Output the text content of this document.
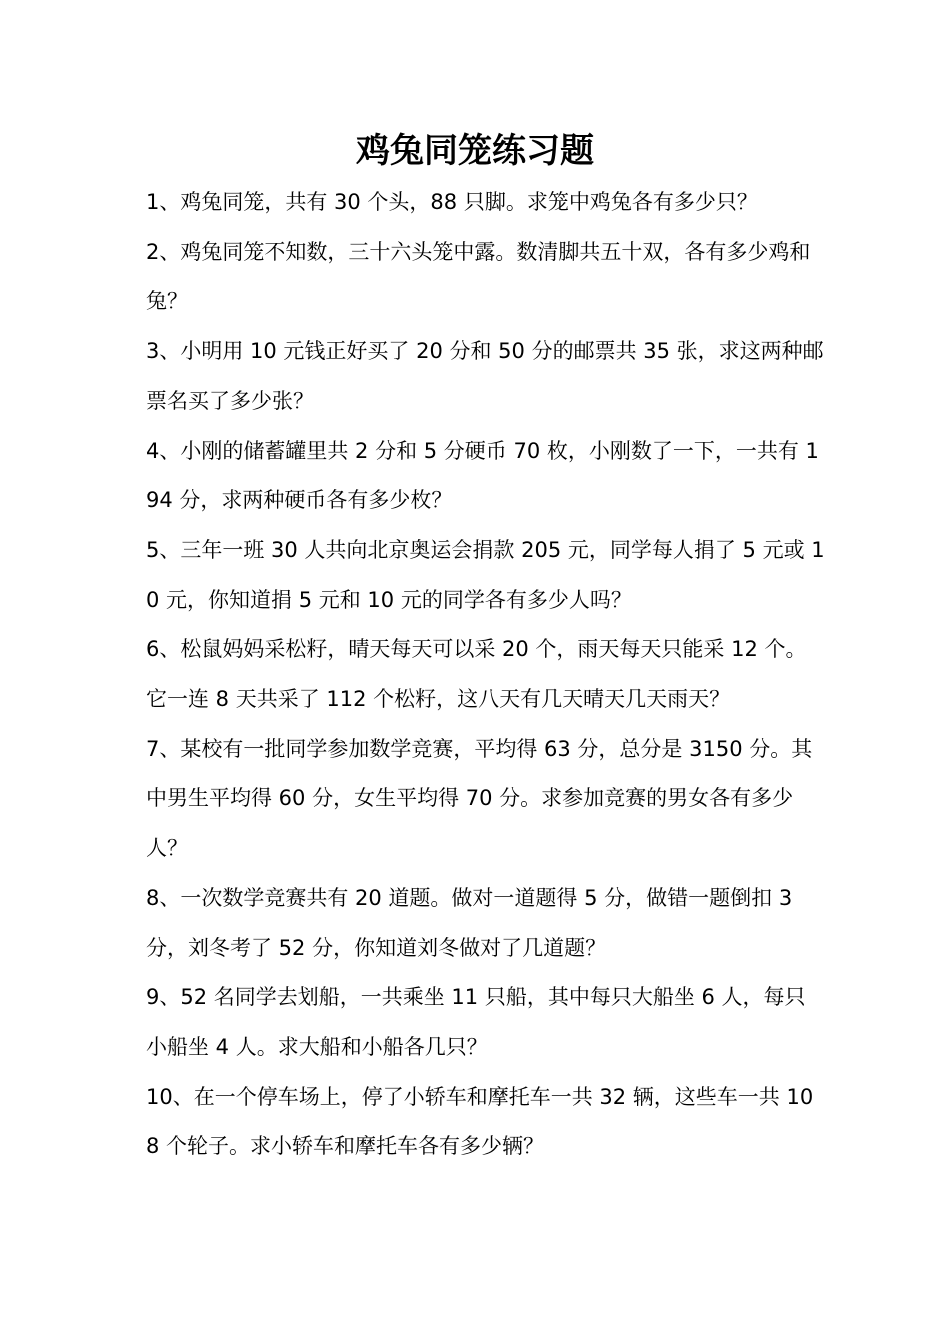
鸡兔同笼练习题

1、鸡兔同笼，共有 30 个头，88 只脚。求笼中鸡兔各有多少只？

2、鸡兔同笼不知数，三十六头笼中露。数清脚共五十双，各有多少鸡和兔？

3、小明用 10 元钱正好买了 20 分和 50 分的邮票共 35 张，求这两种邮票名买了多少张？

4、小刚的储蓄罐里共 2 分和 5 分硬币 70 枚，小刚数了一下，一共有 194 分，求两种硬币各有多少枚？

5、三年一班 30 人共向北京奥运会捐款 205 元，同学每人捐了 5 元或 10 元，你知道捐 5 元和 10 元的同学各有多少人吗？

6、松鼠妈妈采松籽，晴天每天可以采 20 个，雨天每天只能采 12 个。它一连 8 天共采了 112 个松籽，这八天有几天晴天几天雨天？

7、某校有一批同学参加数学竞赛，平均得 63 分，总分是 3150 分。其中男生平均得 60 分，女生平均得 70 分。求参加竞赛的男女各有多少人？

8、一次数学竞赛共有 20 道题。做对一道题得 5 分，做错一题倒扣 3 分，刘冬考了 52 分，你知道刘冬做对了几道题？

9、52 名同学去划船，一共乘坐 11 只船，其中每只大船坐 6 人，每只小船坐 4 人。求大船和小船各几只？

10、在一个停车场上，停了小轿车和摩托车一共 32 辆，这些车一共 108 个轮子。求小轿车和摩托车各有多少辆？
